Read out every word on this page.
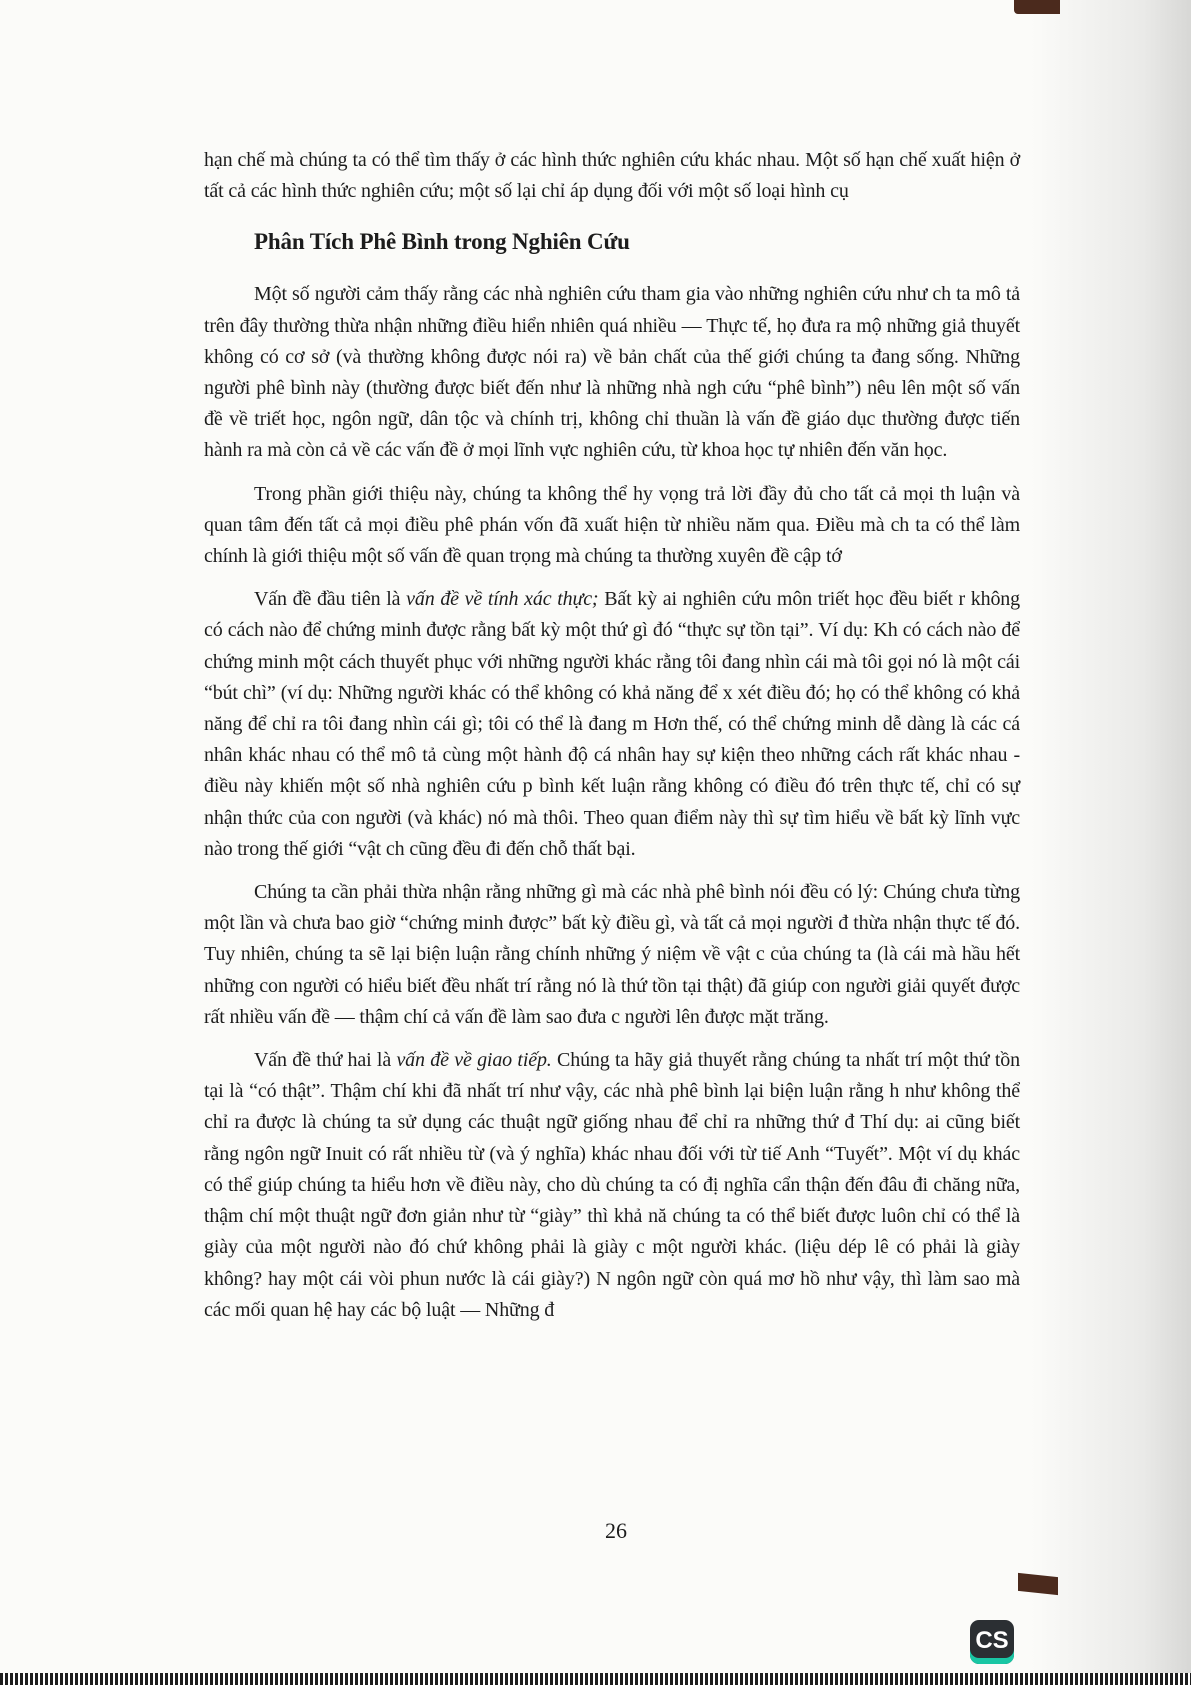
hạn chế mà chúng ta có thể tìm thấy ở các hình thức nghiên cứu khác nhau. Một số hạn chế xuất hiện ở tất cả các hình thức nghiên cứu; một số lại chỉ áp dụng đối với một số loại hình cụ

Phân Tích Phê Bình trong Nghiên Cứu

Một số người cảm thấy rằng các nhà nghiên cứu tham gia vào những nghiên cứu như ch ta mô tả trên đây thường thừa nhận những điều hiển nhiên quá nhiều — Thực tế, họ đưa ra mộ những giả thuyết không có cơ sở (và thường không được nói ra) về bản chất của thế giới chúng ta đang sống. Những người phê bình này (thường được biết đến như là những nhà ngh cứu “phê bình”) nêu lên một số vấn đề về triết học, ngôn ngữ, dân tộc và chính trị, không chỉ thuần là vấn đề giáo dục thường được tiến hành ra mà còn cả về các vấn đề ở mọi lĩnh vực nghiên cứu, từ khoa học tự nhiên đến văn học.

Trong phần giới thiệu này, chúng ta không thể hy vọng trả lời đầy đủ cho tất cả mọi th luận và quan tâm đến tất cả mọi điều phê phán vốn đã xuất hiện từ nhiều năm qua. Điều mà ch ta có thể làm chính là giới thiệu một số vấn đề quan trọng mà chúng ta thường xuyên đề cập tớ

Vấn đề đầu tiên là vấn đề về tính xác thực; Bất kỳ ai nghiên cứu môn triết học đều biết r không có cách nào để chứng minh được rằng bất kỳ một thứ gì đó “thực sự tồn tại”. Ví dụ: Kh có cách nào để chứng minh một cách thuyết phục với những người khác rằng tôi đang nhìn cái mà tôi gọi nó là một cái “bút chì” (ví dụ: Những người khác có thể không có khả năng để x xét điều đó; họ có thể không có khả năng để chỉ ra tôi đang nhìn cái gì; tôi có thể là đang m Hơn thế, có thể chứng minh dễ dàng là các cá nhân khác nhau có thể mô tả cùng một hành độ cá nhân hay sự kiện theo những cách rất khác nhau - điều này khiến một số nhà nghiên cứu p bình kết luận rằng không có điều đó trên thực tế, chỉ có sự nhận thức của con người (và khác) nó mà thôi. Theo quan điểm này thì sự tìm hiểu về bất kỳ lĩnh vực nào trong thế giới “vật ch cũng đều đi đến chỗ thất bại.

Chúng ta cần phải thừa nhận rằng những gì mà các nhà phê bình nói đều có lý: Chúng chưa từng một lần và chưa bao giờ “chứng minh được” bất kỳ điều gì, và tất cả mọi người đ thừa nhận thực tế đó. Tuy nhiên, chúng ta sẽ lại biện luận rằng chính những ý niệm về vật c của chúng ta (là cái mà hầu hết những con người có hiểu biết đều nhất trí rằng nó là thứ tồn tại thật) đã giúp con người giải quyết được rất nhiều vấn đề — thậm chí cả vấn đề làm sao đưa c người lên được mặt trăng.

Vấn đề thứ hai là vấn đề về giao tiếp. Chúng ta hãy giả thuyết rằng chúng ta nhất trí một thứ tồn tại là “có thật”. Thậm chí khi đã nhất trí như vậy, các nhà phê bình lại biện luận rằng h như không thể chỉ ra được là chúng ta sử dụng các thuật ngữ giống nhau để chỉ ra những thứ đ Thí dụ: ai cũng biết rằng ngôn ngữ Inuit có rất nhiều từ (và ý nghĩa) khác nhau đối với từ tiế Anh “Tuyết”. Một ví dụ khác có thể giúp chúng ta hiểu hơn về điều này, cho dù chúng ta có đị nghĩa cẩn thận đến đâu đi chăng nữa, thậm chí một thuật ngữ đơn giản như từ “giày” thì khả nă chúng ta có thể biết được luôn chỉ có thể là giày của một người nào đó chứ không phải là giày c một người khác. (liệu dép lê có phải là giày không? hay một cái vòi phun nước là cái giày?) N ngôn ngữ còn quá mơ hồ như vậy, thì làm sao mà các mối quan hệ hay các bộ luật — Những đ

26
CS
